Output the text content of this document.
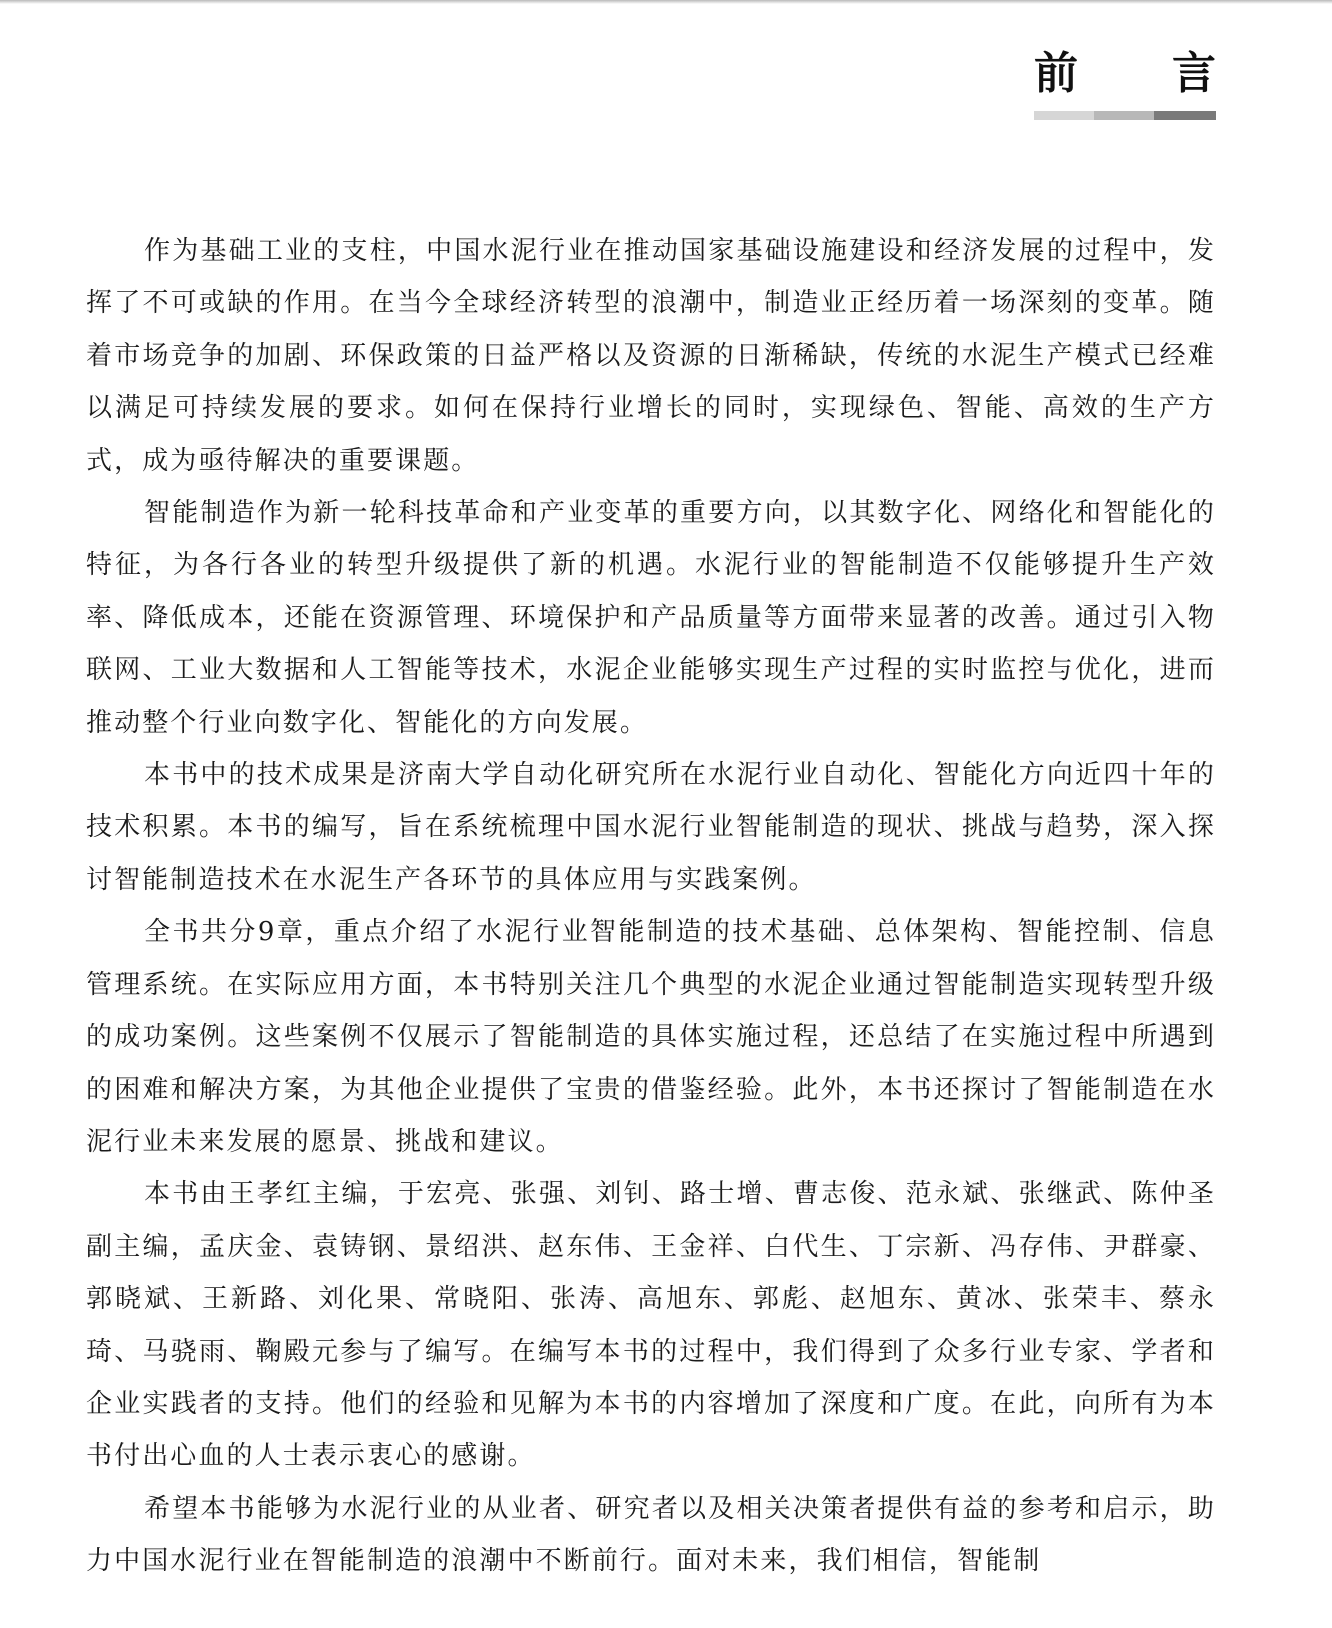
前 言

作为基础工业的支柱，中国水泥行业在推动国家基础设施建设和经济发展的过程中，发挥了不可或缺的作用。在当今全球经济转型的浪潮中，制造业正经历着一场深刻的变革。随着市场竞争的加剧、环保政策的日益严格以及资源的日渐稀缺，传统的水泥生产模式已经难以满足可持续发展的要求。如何在保持行业增长的同时，实现绿色、智能、高效的生产方式，成为亟待解决的重要课题。

智能制造作为新一轮科技革命和产业变革的重要方向，以其数字化、网络化和智能化的特征，为各行各业的转型升级提供了新的机遇。水泥行业的智能制造不仅能够提升生产效率、降低成本，还能在资源管理、环境保护和产品质量等方面带来显著的改善。通过引入物联网、工业大数据和人工智能等技术，水泥企业能够实现生产过程的实时监控与优化，进而推动整个行业向数字化、智能化的方向发展。

本书中的技术成果是济南大学自动化研究所在水泥行业自动化、智能化方向近四十年的技术积累。本书的编写，旨在系统梳理中国水泥行业智能制造的现状、挑战与趋势，深入探讨智能制造技术在水泥生产各环节的具体应用与实践案例。

全书共分9章，重点介绍了水泥行业智能制造的技术基础、总体架构、智能控制、信息管理系统。在实际应用方面，本书特别关注几个典型的水泥企业通过智能制造实现转型升级的成功案例。这些案例不仅展示了智能制造的具体实施过程，还总结了在实施过程中所遇到的困难和解决方案，为其他企业提供了宝贵的借鉴经验。此外，本书还探讨了智能制造在水泥行业未来发展的愿景、挑战和建议。

本书由王孝红主编，于宏亮、张强、刘钊、路士增、曹志俊、范永斌、张继武、陈仲圣副主编，孟庆金、袁铸钢、景绍洪、赵东伟、王金祥、白代生、丁宗新、冯存伟、尹群豪、郭晓斌、王新路、刘化果、常晓阳、张涛、高旭东、郭彪、赵旭东、黄冰、张荣丰、蔡永琦、马骁雨、鞠殿元参与了编写。在编写本书的过程中，我们得到了众多行业专家、学者和企业实践者的支持。他们的经验和见解为本书的内容增加了深度和广度。在此，向所有为本书付出心血的人士表示衷心的感谢。

希望本书能够为水泥行业的从业者、研究者以及相关决策者提供有益的参考和启示，助力中国水泥行业在智能制造的浪潮中不断前行。面对未来，我们相信，智能制
